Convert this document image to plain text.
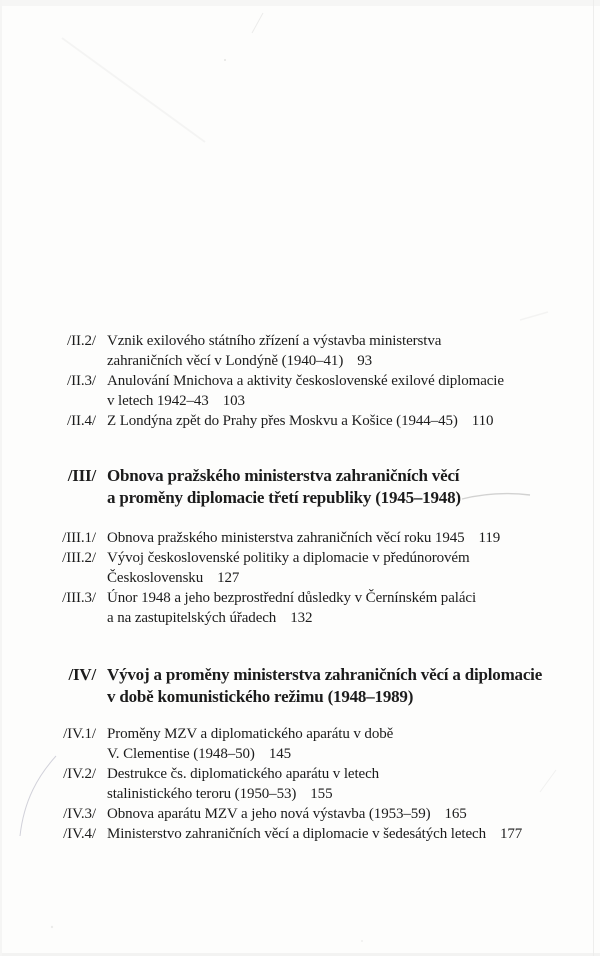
/II.2/ Vznik exilového státního zřízení a výstavba ministerstva
zahraničních věcí v Londýně (1940–41) 93
/II.3/ Anulování Mnichova a aktivity československé exilové diplomacie
v letech 1942–43 103
/II.4/ Z Londýna zpět do Prahy přes Moskvu a Košice (1944–45) 110
/III/ Obnova pražského ministerstva zahraničních věcí
a proměny diplomacie třetí republiky (1945–1948)
/III.1/ Obnova pražského ministerstva zahraničních věcí roku 1945 119
/III.2/ Vývoj československé politiky a diplomacie v předúnorovém
Československu 127
/III.3/ Únor 1948 a jeho bezprostřední důsledky v Černínském paláci
a na zastupitelských úřadech 132
/IV/ Vývoj a proměny ministerstva zahraničních věcí a diplomacie
v době komunistického režimu (1948–1989)
/IV.1/ Proměny MZV a diplomatického aparátu v době
V. Clementise (1948–50) 145
/IV.2/ Destrukce čs. diplomatického aparátu v letech
stalinistického teroru (1950–53) 155
/IV.3/ Obnova aparátu MZV a jeho nová výstavba (1953–59) 165
/IV.4/ Ministerstvo zahraničních věcí a diplomacie v šedesátých letech 177
